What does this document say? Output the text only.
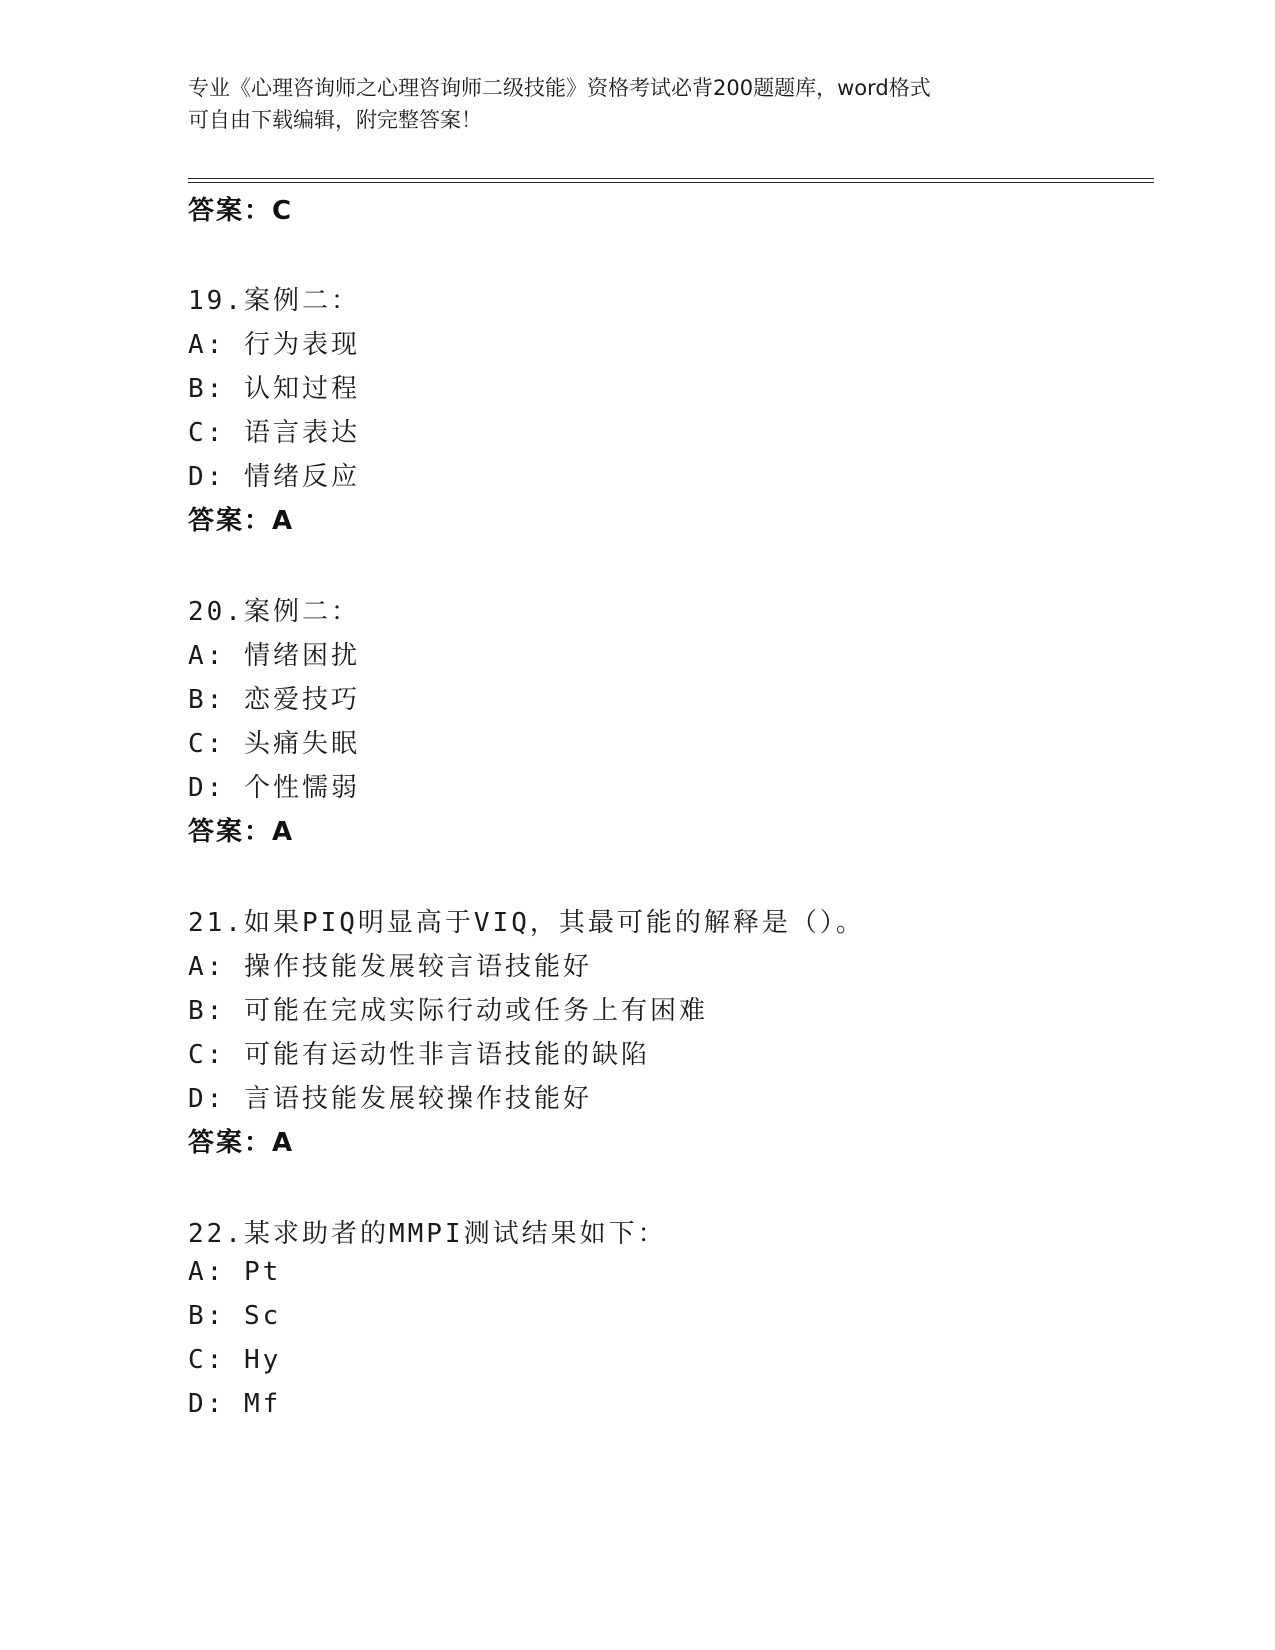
专业《心理咨询师之心理咨询师二级技能》资格考试必背200题题库，word格式
可自由下载编辑，附完整答案！
答案：C
19.案例二：
A: 行为表现
B: 认知过程
C: 语言表达
D: 情绪反应
答案：A
20.案例二：
A: 情绪困扰
B: 恋爱技巧
C: 头痛失眠
D: 个性懦弱
答案：A
21.如果PIQ明显高于VIQ，其最可能的解释是（）。
A: 操作技能发展较言语技能好
B: 可能在完成实际行动或任务上有困难
C: 可能有运动性非言语技能的缺陷
D: 言语技能发展较操作技能好
答案：A
22.某求助者的MMPI测试结果如下：
A: Pt
B: Sc
C: Hy
D: Mf
